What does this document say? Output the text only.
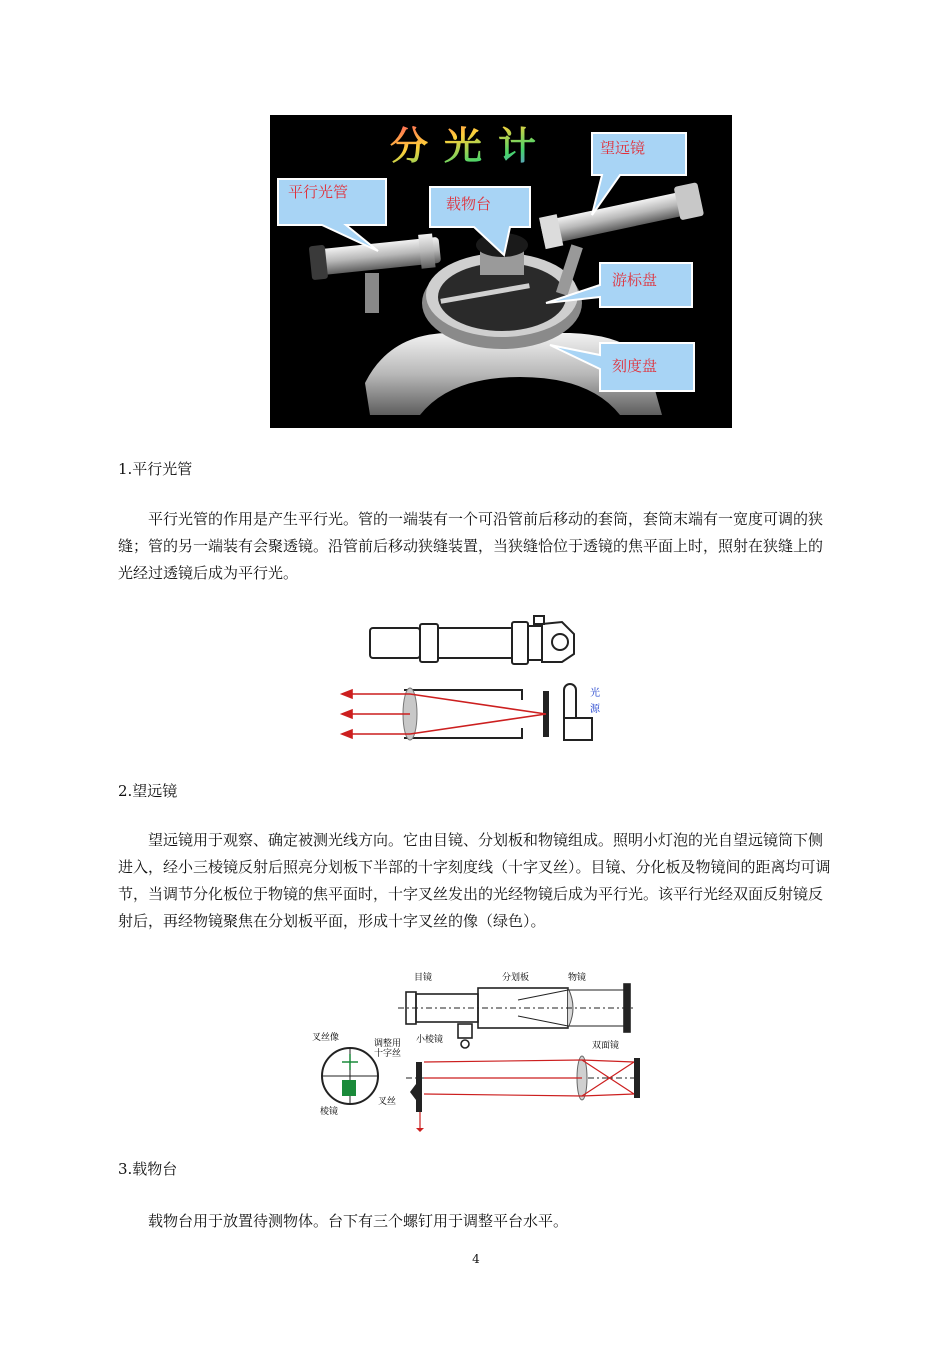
分光计
平行光管
载物台
望远镜
游标盘
刻度盘
1.平行光管
平行光管的作用是产生平行光。管的一端装有一个可沿管前后移动的套筒，套筒末端有一宽度可调的狭缝；管的另一端装有会聚透镜。沿管前后移动狭缝装置，当狭缝恰位于透镜的焦平面上时，照射在狭缝上的光经过透镜后成为平行光。
光
源
2.望远镜
望远镜用于观察、确定被测光线方向。它由目镜、分划板和物镜组成。照明小灯泡的光自望远镜筒下侧进入，经小三棱镜反射后照亮分划板下半部的十字刻度线（十字叉丝）。目镜、分化板及物镜间的距离均可调节，当调节分化板位于物镜的焦平面时，十字叉丝发出的光经物镜后成为平行光。该平行光经双面反射镜反射后，再经物镜聚焦在分划板平面，形成十字叉丝的像（绿色）。
目镜	分划板	物镜
小棱镜
叉丝像
调整用
十字丝
双面镜
叉丝
棱镜
3.载物台
载物台用于放置待测物体。台下有三个螺钉用于调整平台水平。
4
